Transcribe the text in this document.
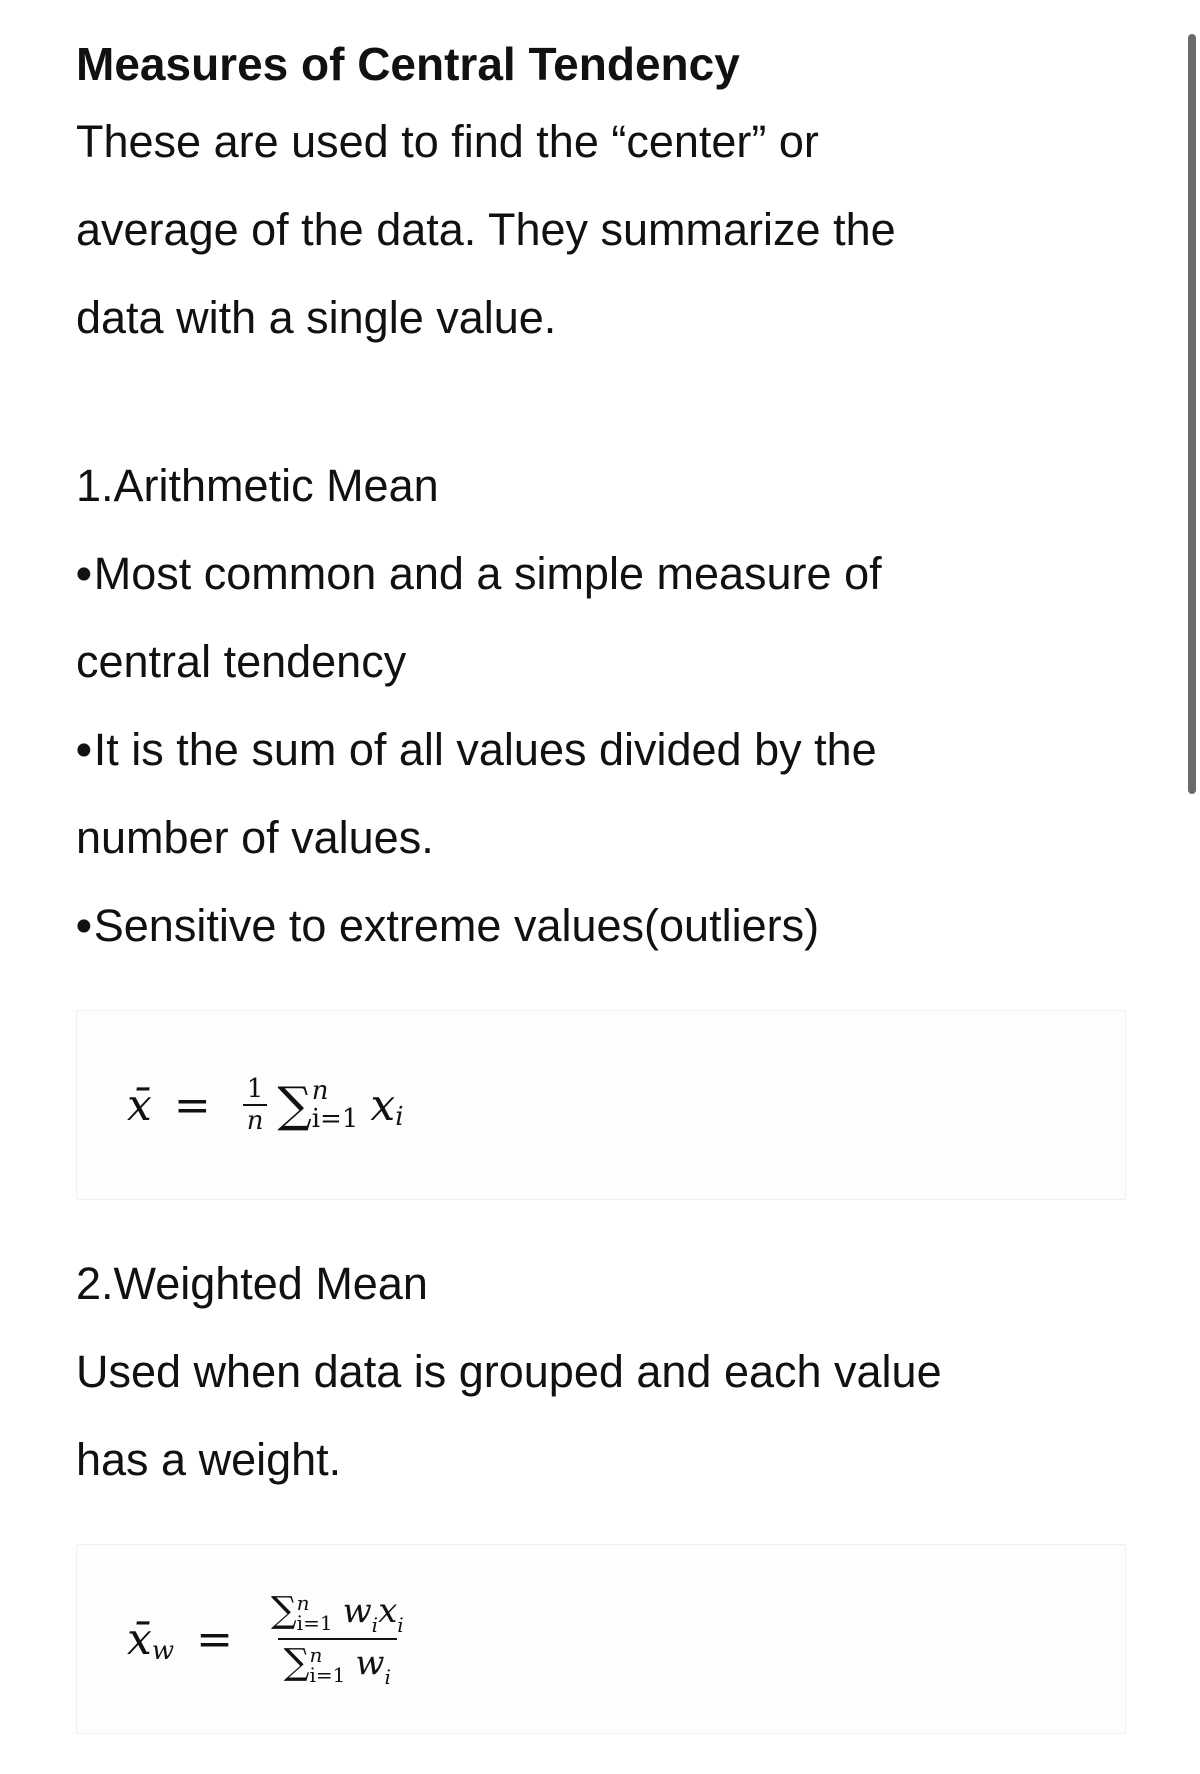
Measures of Central Tendency

These are used to find the “center” or

average of the data. They summarize the

data with a single value.

1.Arithmetic Mean

•Most common and a simple measure of

central tendency

•It is the sum of all values divided by the

number of values.

•Sensitive to extreme values(outliers)

x̄ = $\frac{1}{n}$ ∑ n
i=1 x i

2.Weighted Mean

Used when data is grouped and each value

has a weight.

x̄ w =
∑ n
i=1 $w_ix_i$
∑ n
i=1 $w_i$
